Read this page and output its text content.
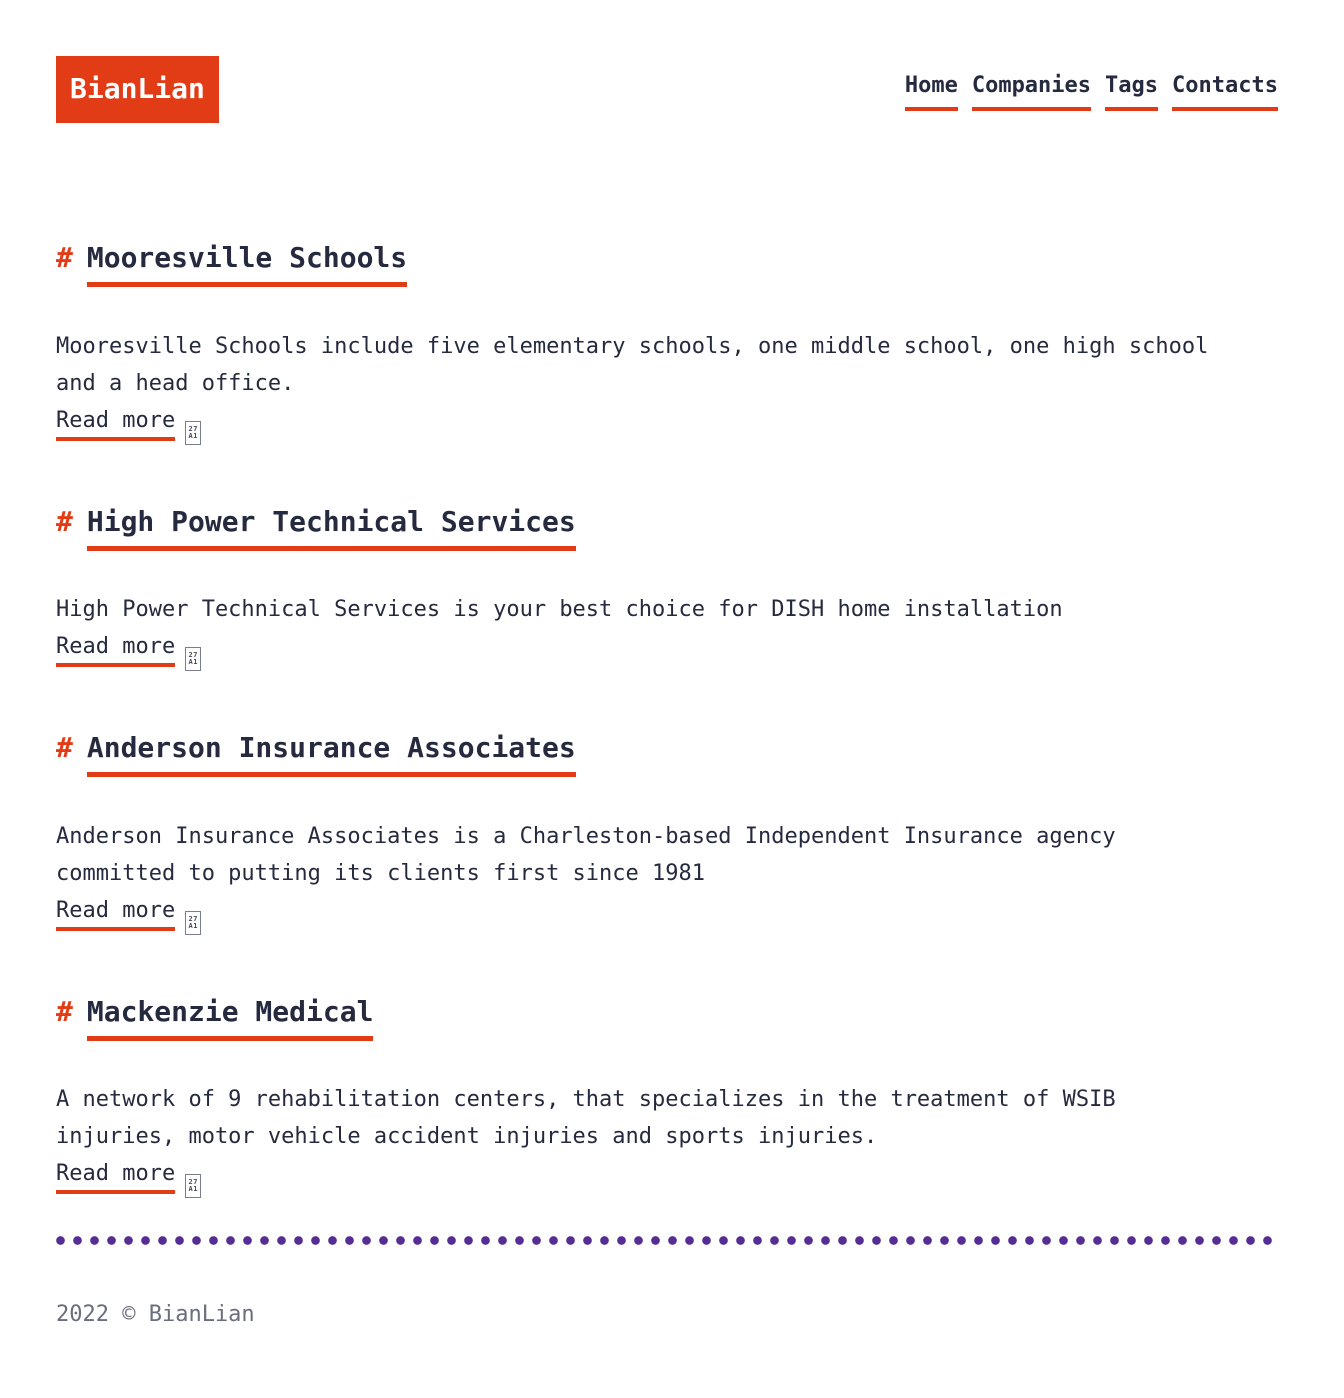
BianLian	Home Companies Tags Contacts
# Mooresville Schools

Mooresville Schools include five elementary schools, one middle school, one high school and a head office.

Read more 27
A1
# High Power Technical Services

High Power Technical Services is your best choice for DISH home installation

Read more 27
A1
# Anderson Insurance Associates

Anderson Insurance Associates is a Charleston-based Independent Insurance agency committed to putting its clients first since 1981

Read more 27
A1
# Mackenzie Medical

A network of 9 rehabilitation centers, that specializes in the treatment of WSIB injuries, motor vehicle accident injuries and sports injuries.

Read more 27
A1
2022 © BianLian
